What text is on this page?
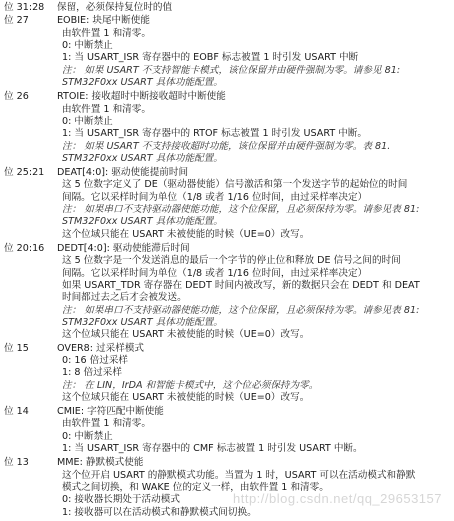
位 31:28 保留，必须保持复位时的值
位 27	EOBIE: 块尾中断使能
由软件置 1 和清零。
0: 中断禁止
1: 当 USART_ISR 寄存器中的 EOBF 标志被置 1 时引发 USART 中断
注： 如果 USART 不支持智能卡模式，该位保留并由硬件强制为零。请参见 81:
STM32F0xx USART 具体功能配置。
位 26	RTOIE: 接收超时中断接收超时中断使能
由软件置 1 和清零。
0: 中断禁止
1: 当 USART_ISR 寄存器中的 RTOF 标志被置 1 时引发 USART 中断。
注： 如果 USART 不支持接收超时功能，该位保留并由硬件强制为零。表 81.
STM32F0xx USART 具体功能配置。
位 25:21 DEAT[4:0]: 驱动使能提前时间
这 5 位数字定义了 DE（驱动器使能）信号激活和第一个发送字节的起始位的时间
间隔。它以采样时间为单位（1/8 或者 1/16 位时间，由过采样率决定）
注： 如果串口不支持驱动器使能功能，这个位保留，且必须保持为零。请参见表 81:
STM32F0xx USART 具体功能配置。
这个位域只能在 USART 未被使能的时候（UE=0）改写。
位 20:16 DEDT[4:0]: 驱动使能滞后时间
这 5 位数字是一个发送消息的最后一个字节的停止位和释放 DE 信号之间的时间
间隔。它以采样时间为单位（1/8 或者 1/16 位时间，由过采样率决定）
如果 USART_TDR 寄存器在 DEDT 时间内被改写，新的数据只会在 DEDT 和 DEAT
时间都过去之后才会被发送。
注： 如果串口不支持驱动器使能功能，这个位保留，且必须保持为零。请参见表 81:
STM32F0xx USART 具体功能配置。
这个位域只能在 USART 未被使能的时候（UE=0）改写。
位 15	OVER8: 过采样模式
0: 16 倍过采样
1: 8 倍过采样
注： 在 LIN，IrDA 和智能卡模式中，这个位必须保持为零。
这个位域只能在 USART 未被使能的时候（UE=0）改写。
位 14	CMIE: 字符匹配中断使能
由软件置 1 和清零。
0: 中断禁止
1: 当 USART_ISR 寄存器中的 CMF 标志被置 1 时引发 USART 中断。
位 13	MME: 静默模式使能
这个位开启 USART 的静默模式功能。当置为 1 时，USART 可以在活动模式和静默
模式之间切换，和 WAKE 位的定义一样，由软件置 1 和清零。
0: 接收器长期处于活动模式
1: 接收器可以在活动模式和静默模式间切换。
http://blog.csdn.net/qq_29653157
